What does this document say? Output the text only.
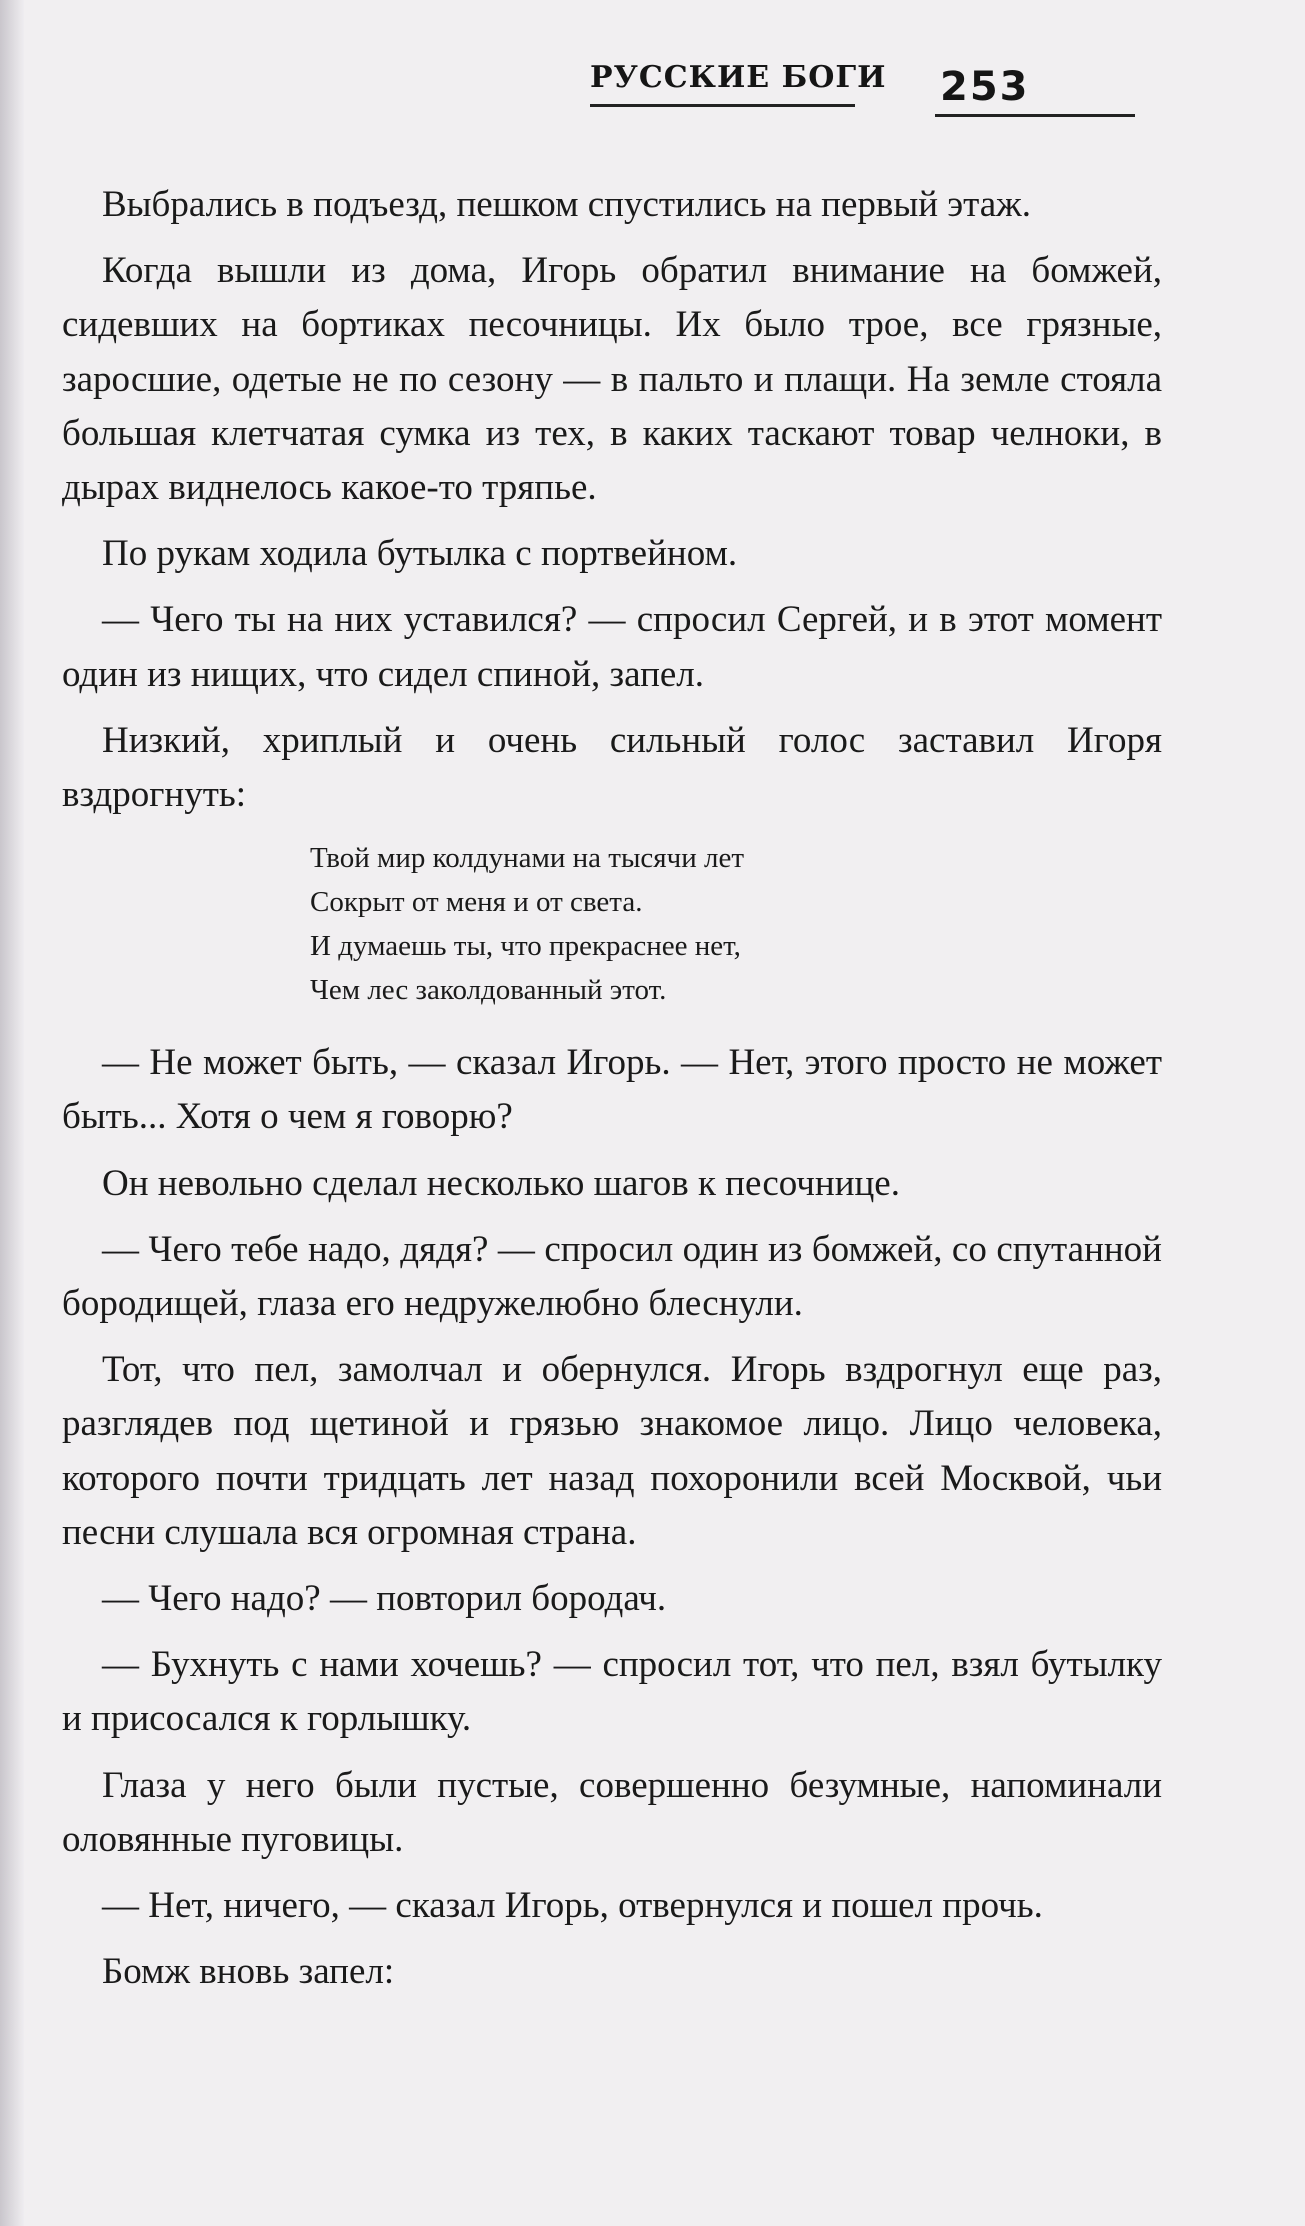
РУССКИЕ БОГИ 253

Выбрались в подъезд, пешком спустились на первый этаж.

Когда вышли из дома, Игорь обратил внимание на бомжей, сидевших на бортиках песочницы. Их было трое, все грязные, заросшие, одетые не по сезону — в пальто и плащи. На земле стояла большая клетчатая сумка из тех, в каких таскают товар челноки, в дырах виднелось какое-то тряпье.

По рукам ходила бутылка с портвейном.

— Чего ты на них уставился? — спросил Сергей, и в этот момент один из нищих, что сидел спиной, запел.

Низкий, хриплый и очень сильный голос заставил Игоря вздрогнуть:

Твой мир колдунами на тысячи лет
Сокрыт от меня и от света.
И думаешь ты, что прекраснее нет,
Чем лес заколдованный этот.

— Не может быть, — сказал Игорь. — Нет, этого просто не может быть... Хотя о чем я говорю?

Он невольно сделал несколько шагов к песочнице.

— Чего тебе надо, дядя? — спросил один из бомжей, со спутанной бородищей, глаза его недружелюбно блеснули.

Тот, что пел, замолчал и обернулся. Игорь вздрогнул еще раз, разглядев под щетиной и грязью знакомое лицо. Лицо человека, которого почти тридцать лет назад похоронили всей Москвой, чьи песни слушала вся огромная страна.

— Чего надо? — повторил бородач.

— Бухнуть с нами хочешь? — спросил тот, что пел, взял бутылку и присосался к горлышку.

Глаза у него были пустые, совершенно безумные, напоминали оловянные пуговицы.

— Нет, ничего, — сказал Игорь, отвернулся и пошел прочь.

Бомж вновь запел:
